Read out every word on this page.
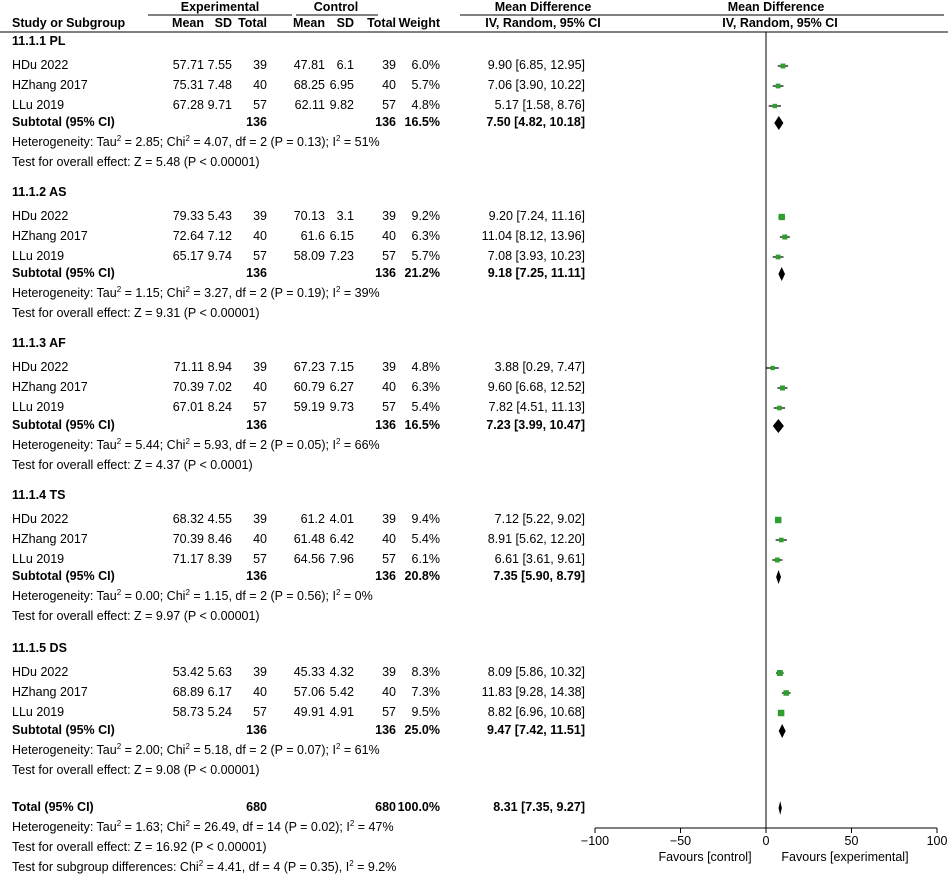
Experimental	Control	Mean Difference	Mean Difference
Study or Subgroup	Mean SD Total Mean SD Total Weight	IV, Random, 95% CI	IV, Random, 95% CI
11.1.1 PL
HDu 2022	57.71 7.55 39 47.81 6.1 39 6.0%	9.90 [6.85, 12.95]
HZhang 2017	75.31 7.48 40 68.25 6.95 40 5.7%	7.06 [3.90, 10.22]
LLu 2019	67.28 9.71 57 62.11 9.82 57 4.8%	5.17 [1.58, 8.76]
Subtotal (95% CI)	136	136 16.5%	7.50 [4.82, 10.18]
Heterogeneity: Tau$^2$ = 2.85; Chi$^2$ = 4.07, df = 2 (P = 0.13); $I^2 = 51\%$
Test for overall effect: Z = 5.48 (P < 0.00001)
11.1.2 AS
HDu 2022	79.33 5.43 39 70.13 3.1 39 9.2%	9.20 [7.24, 11.16]
HZhang 2017	72.64 7.12 40	61.6 6.15 40 6.3%	11.04 [8.12, 13.96]
LLu 2019	65.17 9.74 57 58.09 7.23 57 5.7%	7.08 [3.93, 10.23]
Subtotal (95% CI)	136	136 21.2%	9.18 [7.25, 11.11]
Heterogeneity: Tau$^2$ = 1.15; Chi$^2$ = 3.27, df = 2 (P = 0.19); $I^2 = 39\%$
Test for overall effect: Z = 9.31 (P < 0.00001)
11.1.3 AF
HDu 2022	71.11 8.94 39 67.23 7.15 39 4.8%	3.88 [0.29, 7.47]
HZhang 2017	70.39 7.02 40 60.79 6.27 40 6.3%	9.60 [6.68, 12.52]
LLu 2019	67.01 8.24 57 59.19 9.73 57 5.4%	7.82 [4.51, 11.13]
Subtotal (95% CI)	136	136 16.5%	7.23 [3.99, 10.47]
Heterogeneity: Tau$^2$ = 5.44; Chi$^2$ = 5.93, df = 2 (P = 0.05); $I^2 = 66\%$
Test for overall effect: Z = 4.37 (P < 0.0001)
11.1.4 TS
HDu 2022	68.32 4.55 39	61.2 4.01 39 9.4%	7.12 [5.22, 9.02]
HZhang 2017	70.39 8.46 40 61.48 6.42 40 5.4%	8.91 [5.62, 12.20]
LLu 2019	71.17 8.39 57 64.56 7.96 57 6.1%	6.61 [3.61, 9.61]
Subtotal (95% CI)	136	136 20.8%	7.35 [5.90, 8.79]
Heterogeneity: Tau$^2$ = 0.00; Chi$^2$ = 1.15, df = 2 (P = 0.56); $I^2 = 0\%$
Test for overall effect: Z = 9.97 (P < 0.00001)
11.1.5 DS
HDu 2022	53.42 5.63 39 45.33 4.32 39 8.3%	8.09 [5.86, 10.32]
HZhang 2017	68.89 6.17 40 57.06 5.42 40 7.3%	11.83 [9.28, 14.38]
LLu 2019	58.73 5.24 57 49.91 4.91 57 9.5%	8.82 [6.96, 10.68]
Subtotal (95% CI)	136	136 25.0%	9.47 [7.42, 11.51]
Heterogeneity: Tau$^2$ = 2.00; Chi$^2$ = 5.18, df = 2 (P = 0.07); $I^2 = 61\%$
Test for overall effect: Z = 9.08 (P < 0.00001)
Total (95% CI)	680	680 100.0%	8.31 [7.35, 9.27]
Heterogeneity: Tau$^2$ = 1.63; Chi$^2$ = 26.49, df = 14 (P = 0.02); $I^2 = 47\%$
Test for overall effect: Z = 16.92 (P < 0.00001)
Test for subgroup differences: Chi$^2$ = 4.41, df = 4 (P = 0.35), $I^2 = 9.2\%$
Favours [control]	Favours [experimental]
−100	−50	0	50	100
